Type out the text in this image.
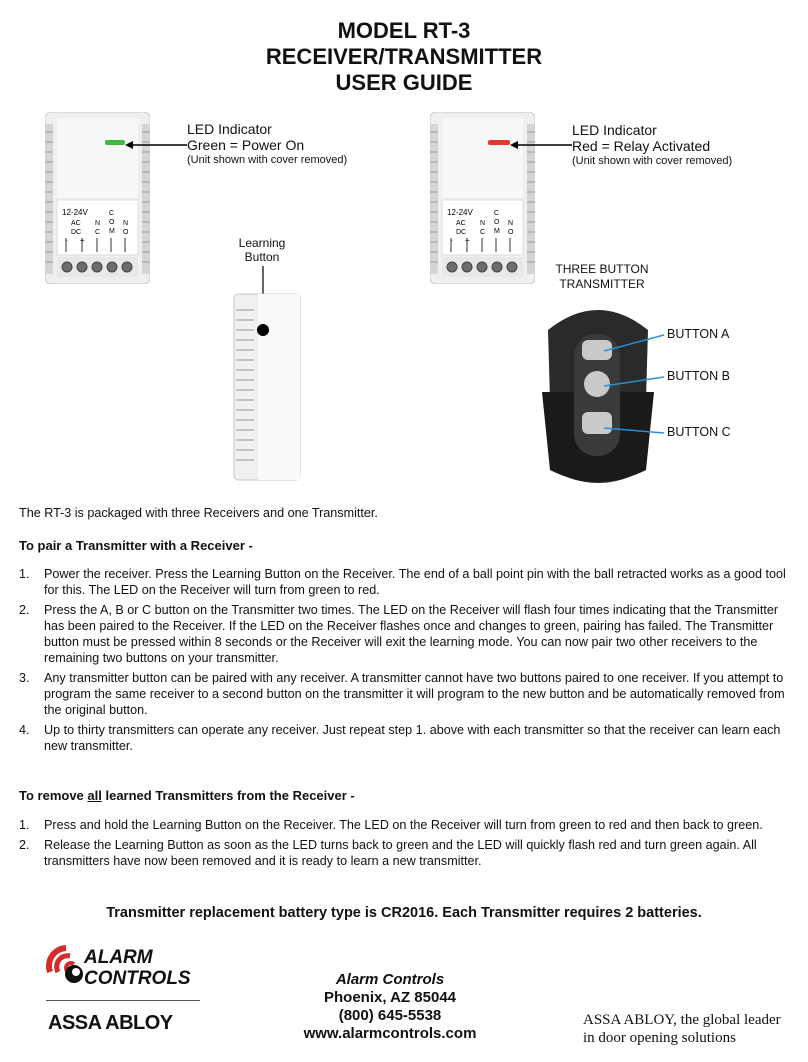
MODEL RT-3
RECEIVER/TRANSMITTER
USER GUIDE
12-24V
AC
DC
- +
N
C
C
O
M
N
O
LED Indicator
Green = Power On
(Unit shown with cover removed)
12-24V
AC
DC
- +
N
C
C
O
M
N
O
LED Indicator
Red = Relay Activated
(Unit shown with cover removed)
Learning
Button
THREE BUTTON
TRANSMITTER
BUTTON A
BUTTON B
BUTTON C
The RT-3 is packaged with three Receivers and one Transmitter.
To pair a Transmitter with a Receiver -
1. Power the receiver. Press the Learning Button on the Receiver. The end of a ball point pin with the ball retracted works as a good tool for this. The LED on the Receiver will turn from green to red.
2. Press the A, B or C button on the Transmitter two times. The LED on the Receiver will flash four times indicating that the Transmitter has been paired to the Receiver. If the LED on the Receiver flashes once and changes to green, pairing has failed. The Transmitter button must be pressed within 8 seconds or the Receiver will exit the learning mode. You can now pair two other receivers to the remaining two buttons on your transmitter.
3. Any transmitter button can be paired with any receiver. A transmitter cannot have two buttons paired to one receiver. If you attempt to program the same receiver to a second button on the transmitter it will program to the new button and be automatically removed from the original button.
4. Up to thirty transmitters can operate any receiver. Just repeat step 1. above with each transmitter so that the receiver can learn each new transmitter.
To remove all learned Transmitters from the Receiver -
1. Press and hold the Learning Button on the Receiver. The LED on the Receiver will turn from green to red and then back to green.
2. Release the Learning Button as soon as the LED turns back to green and the LED will quickly flash red and turn green again. All transmitters have now been removed and it is ready to learn a new transmitter.
Transmitter replacement battery type is CR2016. Each Transmitter requires 2 batteries.
ALARM
CONTROLS
ASSA ABLOY
Alarm Controls
Phoenix, AZ 85044
(800) 645-5538
www.alarmcontrols.com
ASSA ABLOY, the global leader
in door opening solutions
